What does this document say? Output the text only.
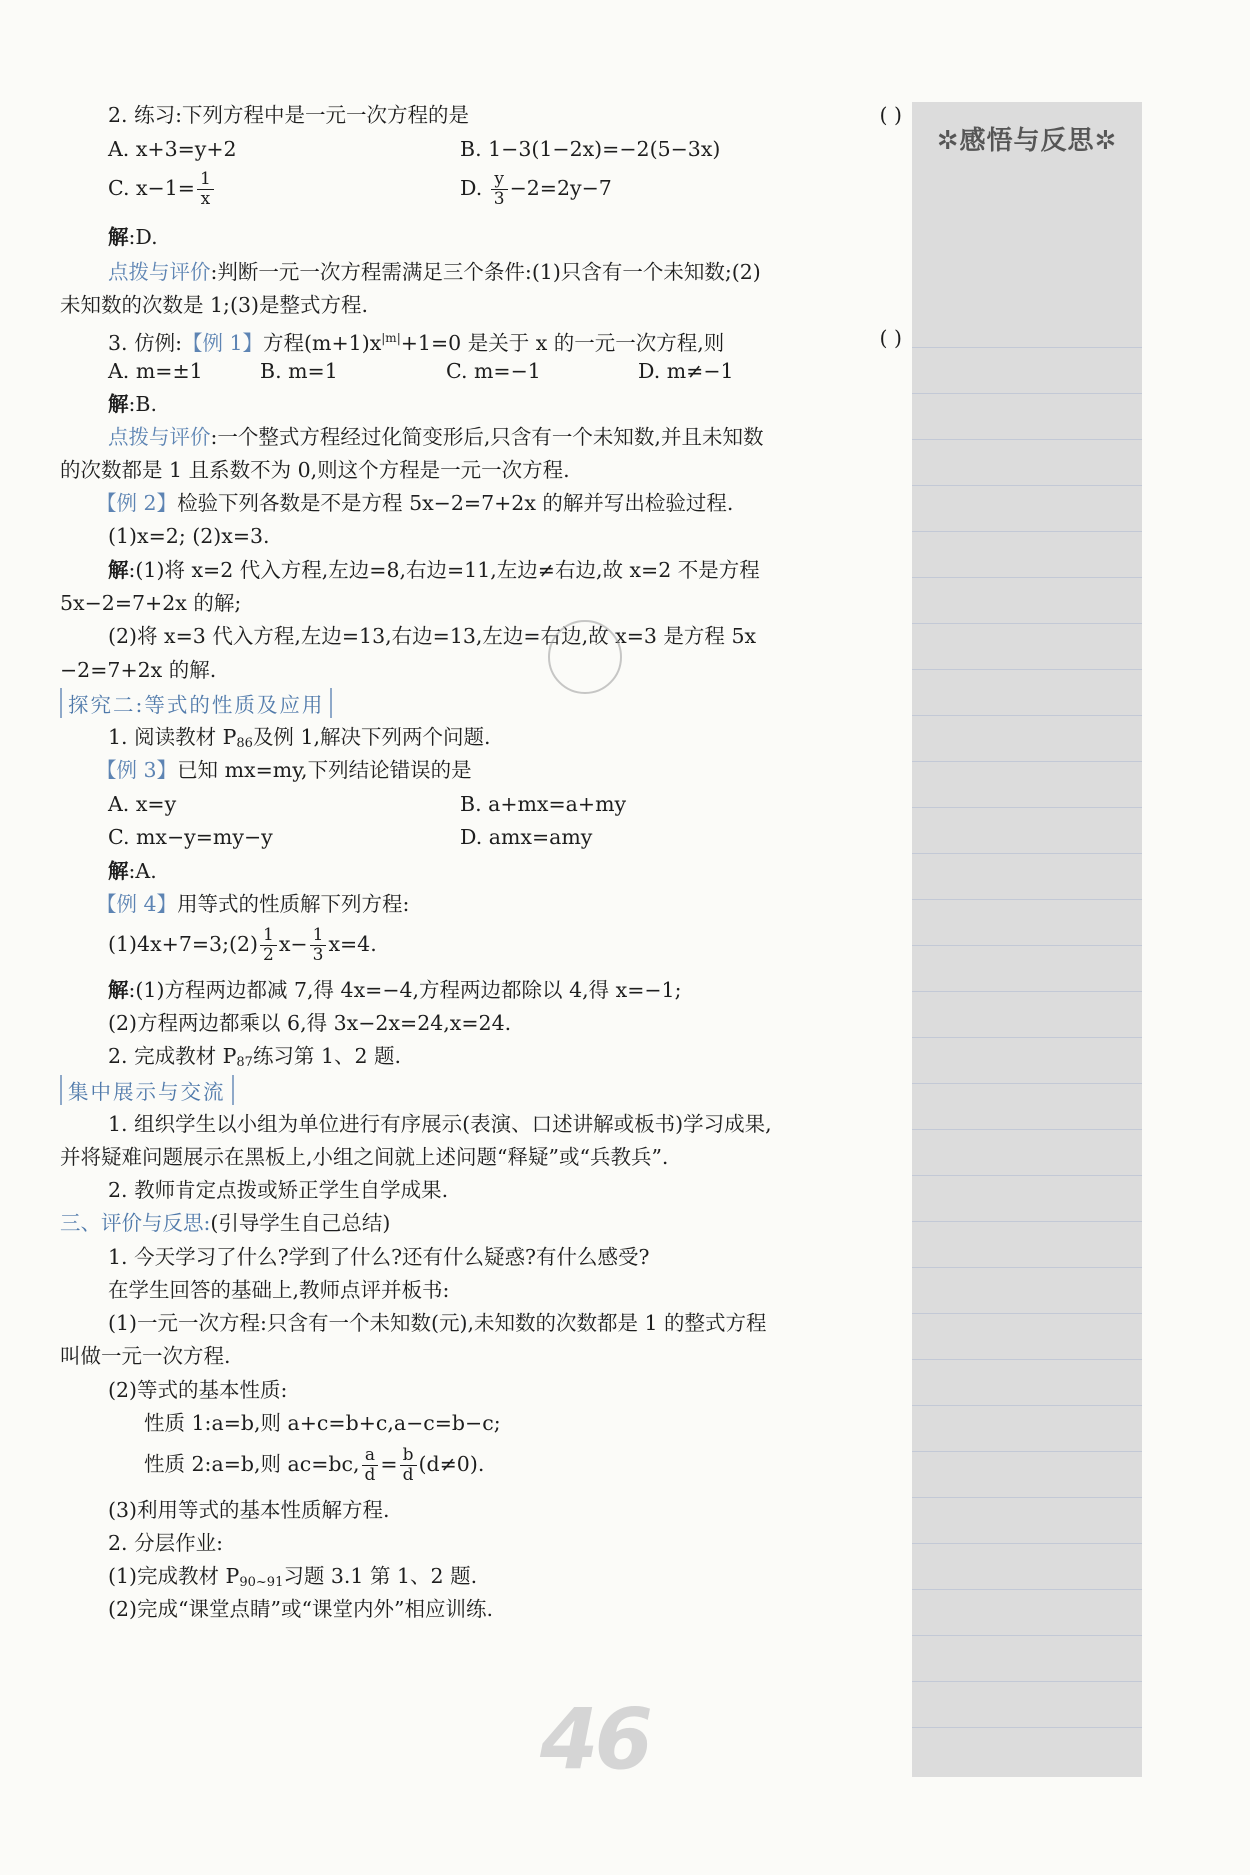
2. 练习:下列方程中是一元一次方程的是	( )
A. x+3=y+2	B. 1−3(1−2x)=−2(5−3x)
C. $x-1= \frac{1}{x}$	D. $\frac{y}{3} -2=2y-7$
解:D.
点拨与评价:判断一元一次方程需满足三个条件:(1)只含有一个未知数;(2)
未知数的次数是 1;(3)是整式方程.
3. 仿例:【例 1】方程$(m+1)x^{|m|}+1=0$ 是关于 x 的一元一次方程,则	( )
A. m=±1	B. m=1	C. m=−1	D. m≠−1
解:B.
点拨与评价:一个整式方程经过化简变形后,只含有一个未知数,并且未知数
的次数都是 1 且系数不为 0,则这个方程是一元一次方程.
【例 2】检验下列各数是不是方程 5x−2=7+2x 的解并写出检验过程.
(1)x=2; (2)x=3.
解:(1)将 x=2 代入方程,左边=8,右边=11,左边≠右边,故 x=2 不是方程
5x−2=7+2x 的解;
(2)将 x=3 代入方程,左边=13,右边=13,左边=右边,故 x=3 是方程 5x
−2=7+2x 的解.
探究二:等式的性质及应用
1. 阅读教材 $P_{86}$及例 1,解决下列两个问题.
【例 3】已知 mx=my,下列结论错误的是
A. x=y	B. a+mx=a+my
C. mx−y=my−y	D. amx=amy
解:A.
【例 4】用等式的性质解下列方程:
(1)4x+7=3;(2) $\frac{1}{2} x- \frac{1}{3} x=4$.
解:(1)方程两边都减 7,得 4x=−4,方程两边都除以 4,得 x=−1;
(2)方程两边都乘以 6,得 3x−2x=24,x=24.
2. 完成教材 $P_{87}$练习第 1、2 题.
集中展示与交流
1. 组织学生以小组为单位进行有序展示(表演、口述讲解或板书)学习成果,
并将疑难问题展示在黑板上,小组之间就上述问题“释疑”或“兵教兵”.
2. 教师肯定点拨或矫正学生自学成果.
三、评价与反思:(引导学生自己总结)
1. 今天学习了什么?学到了什么?还有什么疑惑?有什么感受?
在学生回答的基础上,教师点评并板书:
(1)一元一次方程:只含有一个未知数(元),未知数的次数都是 1 的整式方程
叫做一元一次方程.
(2)等式的基本性质:
性质 1:a=b,则 a+c=b+c,a−c=b−c;
性质 2:a=b,则 ac=bc, $\frac{a}{d} = \frac{b}{d} (d\ne 0)$.
(3)利用等式的基本性质解方程.
2. 分层作业:
(1)完成教材 $P_{90\sim 91}$习题 3.1 第 1、2 题.
(2)完成“课堂点睛”或“课堂内外”相应训练.
46
✲感悟与反思✲
